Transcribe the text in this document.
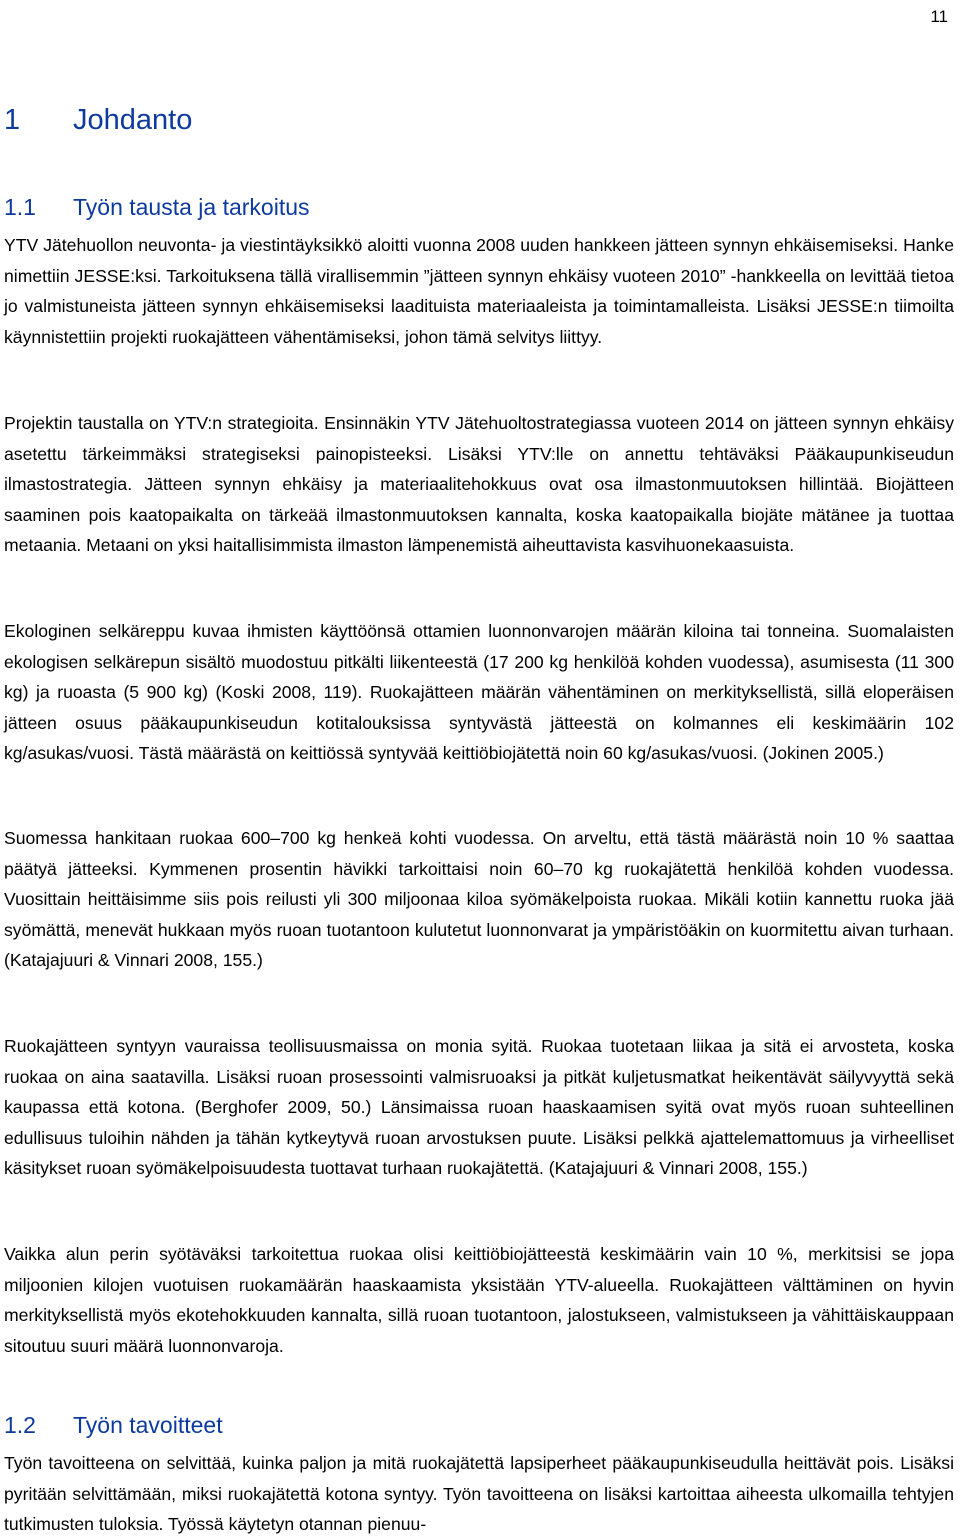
11
1 Johdanto
1.1 Työn tausta ja tarkoitus

YTV Jätehuollon neuvonta- ja viestintäyksikkö aloitti vuonna 2008 uuden hankkeen jätteen synnyn ehkäisemiseksi. Hanke nimettiin JESSE:ksi. Tarkoituksena tällä virallisemmin ”jätteen synnyn ehkäisy vuoteen 2010” -hankkeella on levittää tietoa jo valmistuneista jätteen synnyn ehkäisemiseksi laadituista materiaaleista ja toimintamalleista. Lisäksi JESSE:n tiimoilta käynnistettiin projekti ruokajätteen vähentämiseksi, johon tämä selvitys liittyy.

Projektin taustalla on YTV:n strategioita. Ensinnäkin YTV Jätehuoltostrategiassa vuoteen 2014 on jätteen synnyn ehkäisy asetettu tärkeimmäksi strategiseksi painopisteeksi. Lisäksi YTV:lle on annettu tehtäväksi Pääkaupunkiseudun ilmastostrategia. Jätteen synnyn ehkäisy ja materiaalitehokkuus ovat osa ilmastonmuutoksen hillintää. Biojätteen saaminen pois kaatopaikalta on tärkeää ilmastonmuutoksen kannalta, koska kaatopaikalla biojäte mätänee ja tuottaa metaania. Metaani on yksi haitallisimmista ilmaston lämpenemistä aiheuttavista kasvihuonekaasuista.

Ekologinen selkäreppu kuvaa ihmisten käyttöönsä ottamien luonnonvarojen määrän kiloina tai tonneina. Suomalaisten ekologisen selkärepun sisältö muodostuu pitkälti liikenteestä (17 200 kg henkilöä kohden vuodessa), asumisesta (11 300 kg) ja ruoasta (5 900 kg) (Koski 2008, 119). Ruokajätteen määrän vähentäminen on merkityksellistä, sillä eloperäisen jätteen osuus pääkaupunkiseudun kotitalouksissa syntyvästä jätteestä on kolmannes eli keskimäärin 102 kg/asukas/vuosi. Tästä määrästä on keittiössä syntyvää keittiöbiojätettä noin 60 kg/asukas/vuosi. (Jokinen 2005.)

Suomessa hankitaan ruokaa 600–700 kg henkeä kohti vuodessa. On arveltu, että tästä määrästä noin 10 % saattaa päätyä jätteeksi. Kymmenen prosentin hävikki tarkoittaisi noin 60–70 kg ruokajätettä henkilöä kohden vuodessa. Vuosittain heittäisimme siis pois reilusti yli 300 miljoonaa kiloa syömäkelpoista ruokaa. Mikäli kotiin kannettu ruoka jää syömättä, menevät hukkaan myös ruoan tuotantoon kulutetut luonnonvarat ja ympäristöäkin on kuormitettu aivan turhaan. (Katajajuuri & Vinnari 2008, 155.)

Ruokajätteen syntyyn vauraissa teollisuusmaissa on monia syitä. Ruokaa tuotetaan liikaa ja sitä ei arvosteta, koska ruokaa on aina saatavilla. Lisäksi ruoan prosessointi valmisruoaksi ja pitkät kuljetusmatkat heikentävät säilyvyyttä sekä kaupassa että kotona. (Berghofer 2009, 50.) Länsimaissa ruoan haaskaamisen syitä ovat myös ruoan suhteellinen edullisuus tuloihin nähden ja tähän kytkeytyvä ruoan arvostuksen puute. Lisäksi pelkkä ajattelemattomuus ja virheelliset käsitykset ruoan syömäkelpoisuudesta tuottavat turhaan ruokajätettä. (Katajajuuri & Vinnari 2008, 155.)

Vaikka alun perin syötäväksi tarkoitettua ruokaa olisi keittiöbiojätteestä keskimäärin vain 10 %, merkitsisi se jopa miljoonien kilojen vuotuisen ruokamäärän haaskaamista yksistään YTV-alueella. Ruokajätteen välttäminen on hyvin merkityksellistä myös ekotehokkuuden kannalta, sillä ruoan tuotantoon, jalostukseen, valmistukseen ja vähittäiskauppaan sitoutuu suuri määrä luonnonvaroja.

1.2 Työn tavoitteet

Työn tavoitteena on selvittää, kuinka paljon ja mitä ruokajätettä lapsiperheet pääkaupunkiseudulla heittävät pois. Lisäksi pyritään selvittämään, miksi ruokajätettä kotona syntyy. Työn tavoitteena on lisäksi kartoittaa aiheesta ulkomailla tehtyjen tutkimusten tuloksia. Työssä käytetyn otannan pienuu-
